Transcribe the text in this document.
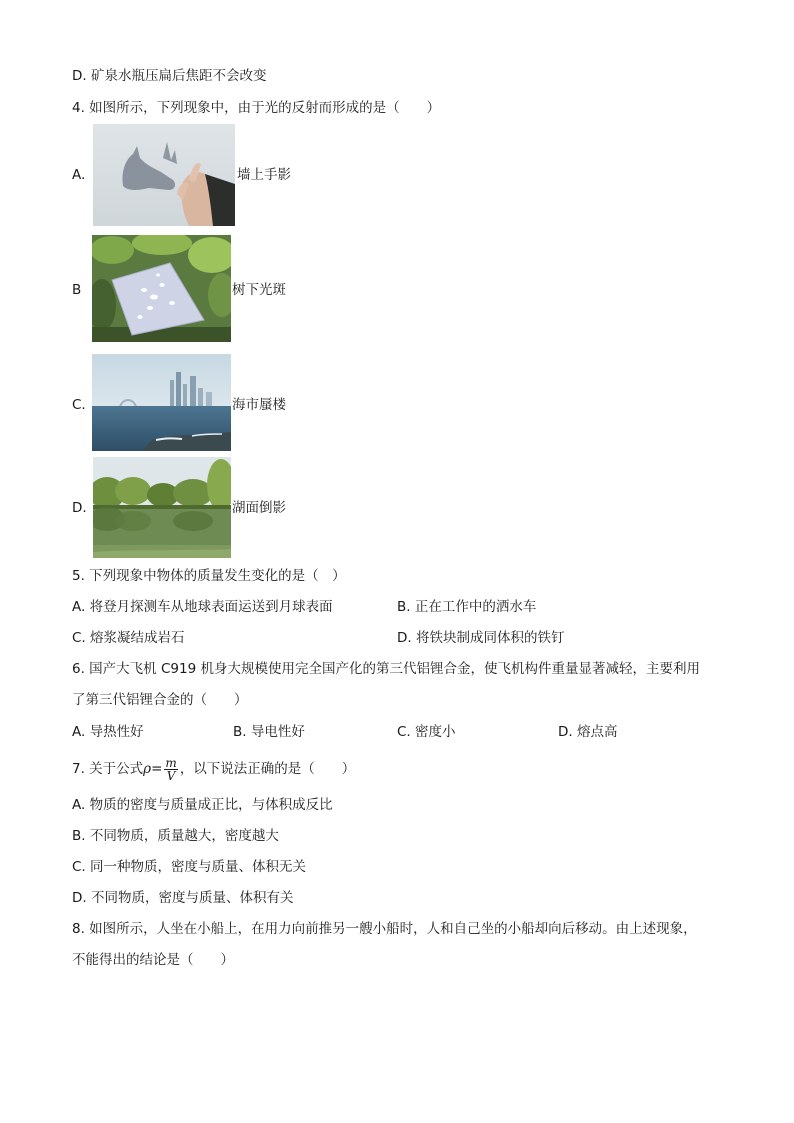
D. 矿泉水瓶压扁后焦距不会改变
4. 如图所示，下列现象中，由于光的反射而形成的是（　　）
A.	墙上手影
B	树下光斑
C.	海市蜃楼
D.	湖面倒影
5. 下列现象中物体的质量发生变化的是（　）
A. 将登月探测车从地球表面运送到月球表面	B. 正在工作中的洒水车
C. 熔浆凝结成岩石	D. 将铁块制成同体积的铁钉
6. 国产大飞机 C919 机身大规模使用完全国产化的第三代铝锂合金，使飞机构件重量显著减轻，主要利用
了第三代铝锂合金的（　　）
A. 导热性好	B. 导电性好	C. 密度小	D. 熔点高
7. 关于公式$\rho= \frac{m}{V}$ ，以下说法正确的是（　　）
A. 物质的密度与质量成正比，与体积成反比
B. 不同物质，质量越大，密度越大
C. 同一种物质，密度与质量、体积无关
D. 不同物质，密度与质量、体积有关
8. 如图所示，人坐在小船上，在用力向前推另一艘小船时，人和自己坐的小船却向后移动。由上述现象，
不能得出的结论是（　　）
